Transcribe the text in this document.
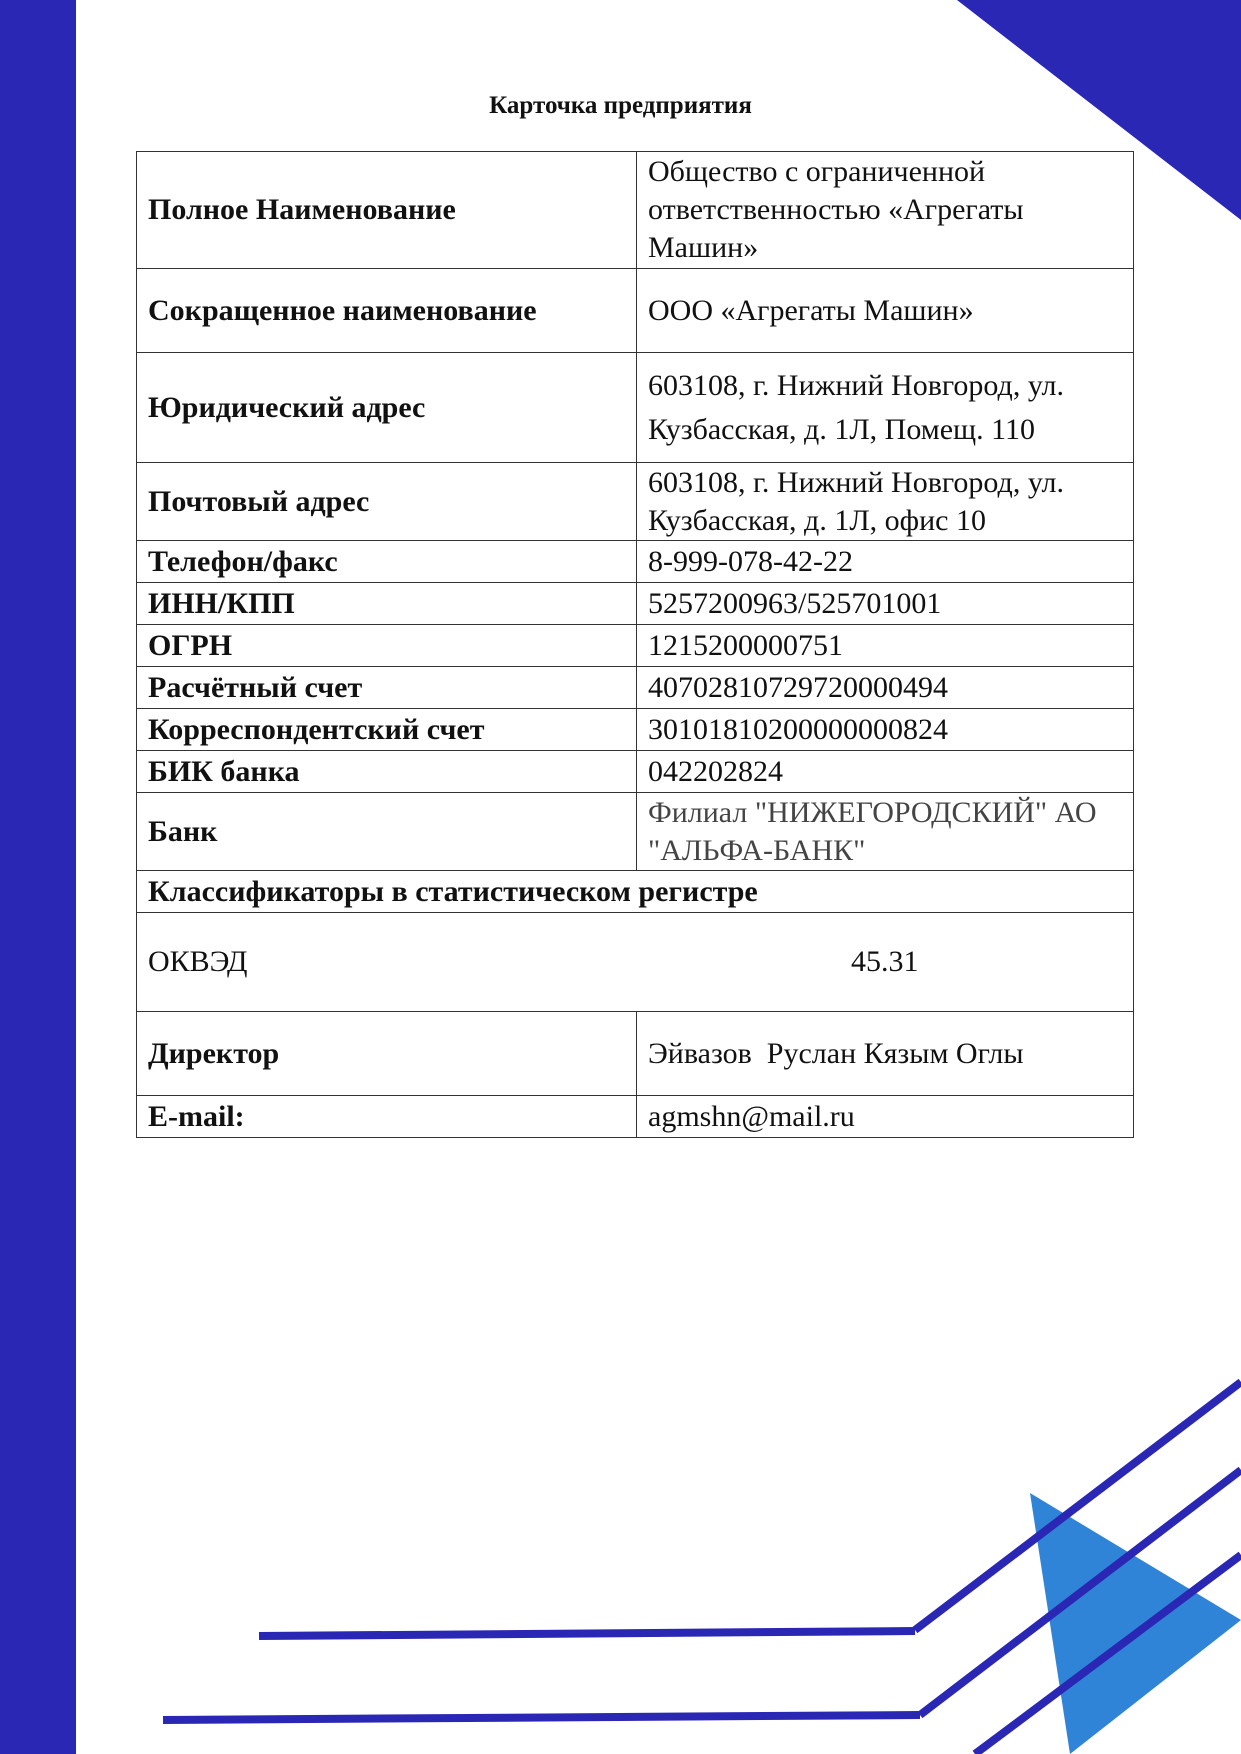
Карточка предприятия
Полное Наименование	Общество с ограниченной ответственностью «Агрегаты Машин»
Сокращенное наименование	ООО «Агрегаты Машин»
Юридический адрес	603108, г. Нижний Новгород, ул. Кузбасская, д. 1Л, Помещ. 110
Почтовый адрес	603108, г. Нижний Новгород, ул. Кузбасская, д. 1Л, офис 10
Телефон/факс	8-999-078-42-22
ИНН/КПП	5257200963/525701001
ОГРН	1215200000751
Расчётный счет	40702810729720000494
Корреспондентский счет	30101810200000000824
БИК банка	042202824
Банк	Филиал "НИЖЕГОРОДСКИЙ" АО "АЛЬФА-БАНК"
Классификаторы в статистическом регистре	
ОКВЭД	45.31
Директор	Эйвазов  Руслан Кязым Оглы
E-mail:	agmshn@mail.ru
